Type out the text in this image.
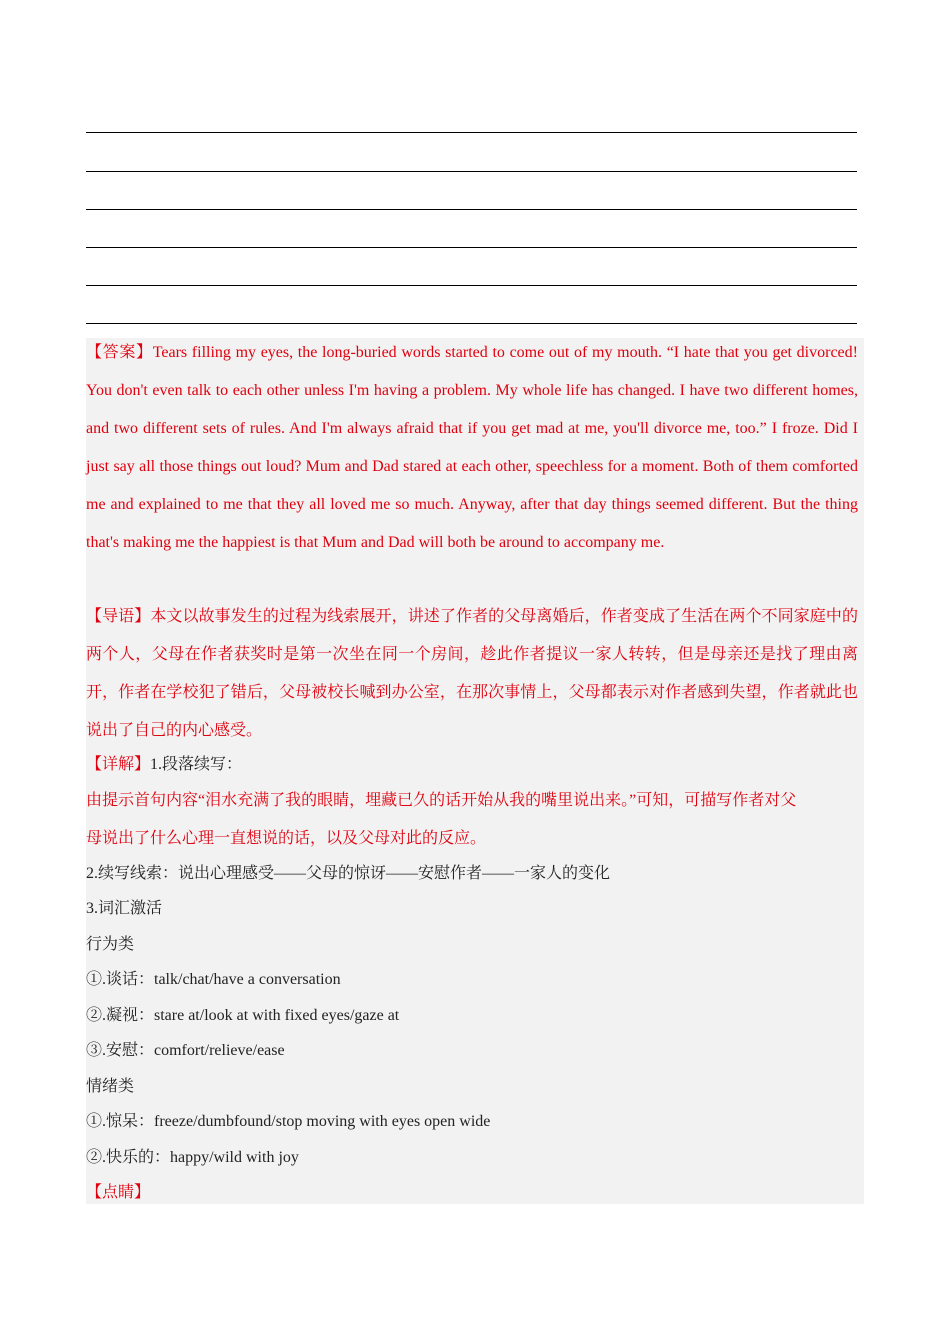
【答案】Tears filling my eyes, the long-buried words started to come out of my mouth. “I hate that you get divorced! You don't even talk to each other unless I'm having a problem. My whole life has changed. I have two different homes, and two different sets of rules. And I'm always afraid that if you get mad at me, you'll divorce me, too.” I froze. Did I just say all those things out loud? Mum and Dad stared at each other, speechless for a moment. Both of them comforted me and explained to me that they all loved me so much. Anyway, after that day things seemed different. But the thing that's making me the happiest is that Mum and Dad will both be around to accompany me.

【导语】本文以故事发生的过程为线索展开，讲述了作者的父母离婚后，作者变成了生活在两个不同家庭中的两个人，父母在作者获奖时是第一次坐在同一个房间，趁此作者提议一家人转转，但是母亲还是找了理由离开，作者在学校犯了错后，父母被校长喊到办公室，在那次事情上，父母都表示对作者感到失望，作者就此也说出了自己的内心感受。

【详解】1.段落续写：

由提示首句内容“泪水充满了我的眼睛，埋藏已久的话开始从我的嘴里说出来。”可知，可描写作者对父

母说出了什么心理一直想说的话，以及父母对此的反应。

2.续写线索：说出心理感受——父母的惊讶——安慰作者——一家人的变化

3.词汇激活

行为类

①.谈话：talk/chat/have a conversation

②.凝视：stare at/look at with fixed eyes/gaze at

③.安慰：comfort/relieve/ease

情绪类

①.惊呆：freeze/dumbfound/stop moving with eyes open wide

②.快乐的：happy/wild with joy

【点睛】
